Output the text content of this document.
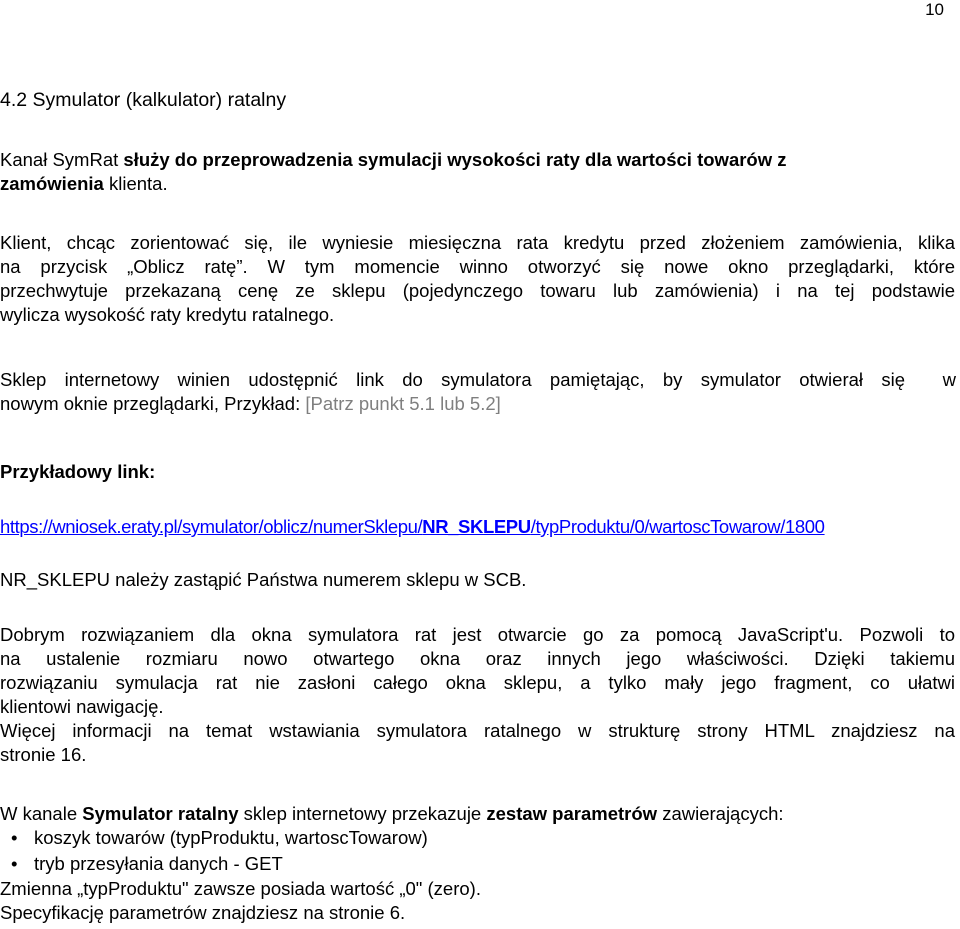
10
4.2 Symulator (kalkulator) ratalny
Kanał SymRat służy do przeprowadzenia symulacji wysokości raty dla wartości towarów z
zamówienia klienta.
Klient, chcąc zorientować się, ile wyniesie miesięczna rata kredytu przed złożeniem zamówienia, klika
na przycisk „Oblicz ratę”. W tym momencie winno otworzyć się nowe okno przeglądarki, które
przechwytuje przekazaną cenę ze sklepu (pojedynczego towaru lub zamówienia) i na tej podstawie
wylicza wysokość raty kredytu ratalnego.
Sklep internetowy winien udostępnić link do symulatora pamiętając, by symulator otwierał się w
nowym oknie przeglądarki, Przykład: [Patrz punkt 5.1 lub 5.2]
Przykładowy link:
https://wniosek.eraty.pl/symulator/oblicz/numerSklepu/NR_SKLEPU/typProduktu/0/wartoscTowarow/1800
NR_SKLEPU należy zastąpić Państwa numerem sklepu w SCB.
Dobrym rozwiązaniem dla okna symulatora rat jest otwarcie go za pomocą JavaScript'u. Pozwoli to
na ustalenie rozmiaru nowo otwartego okna oraz innych jego właściwości. Dzięki takiemu
rozwiązaniu symulacja rat nie zasłoni całego okna sklepu, a tylko mały jego fragment, co ułatwi
klientowi nawigację.
Więcej informacji na temat wstawiania symulatora ratalnego w strukturę strony HTML znajdziesz na
stronie 16.
W kanale Symulator ratalny sklep internetowy przekazuje zestaw parametrów zawierających:
• koszyk towarów (typProduktu, wartoscTowarow)
• tryb przesyłania danych - GET
Zmienna „typProduktu" zawsze posiada wartość „0" (zero).
Specyfikację parametrów znajdziesz na stronie 6.
